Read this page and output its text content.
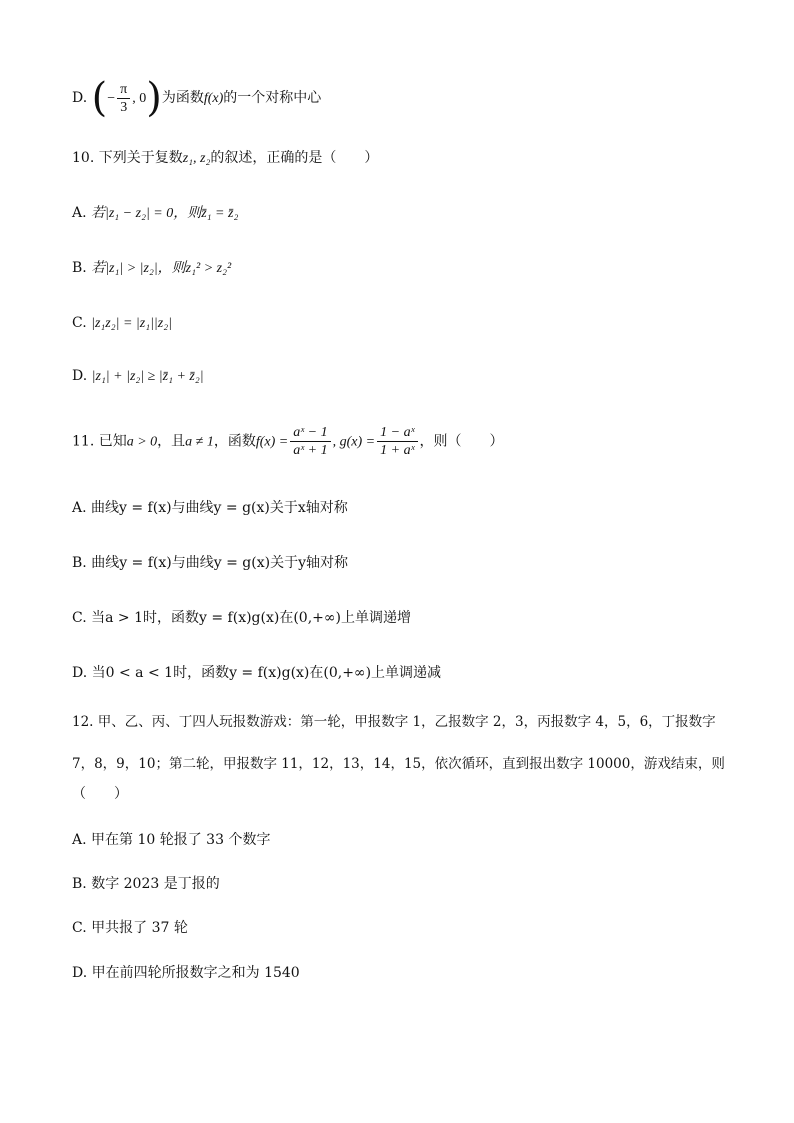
D. (− $\frac{\pi}{3}$ , 0)为函数f(x)的一个对称中心
10. 下列关于复数z₁, z₂的叙述，正确的是（　　）
A. 若|z₁ − z₂| = 0，则z̄₁ = z̄₂
B. 若|z₁| > |z₂|，则z₁² > z₂²
C. |z₁z₂| = |z₁||z₂|
D. |z₁| + |z₂| ≥ |z̄₁ + z̄₂|
11. 已知a > 0，且a ≠ 1，函数$f(x) = \frac{\text{aˣ − 1}}{\text{aˣ + 1}}$ , $g(x) = \frac{\text{1 − aˣ}}{\text{1 + aˣ}}$ ，则（　　）
A. 曲线y = f(x)与曲线y = g(x)关于x轴对称
B. 曲线y = f(x)与曲线y = g(x)关于y轴对称
C. 当a > 1时，函数y = f(x)g(x)在(0,+∞)上单调递增
D. 当0 < a < 1时，函数y = f(x)g(x)在(0,+∞)上单调递减
12. 甲、乙、丙、丁四人玩报数游戏：第一轮，甲报数字 1，乙报数字 2，3，丙报数字 4，5，6，丁报数字
7，8，9，10；第二轮，甲报数字 11，12，13，14，15，依次循环，直到报出数字 10000，游戏结束，则
（　　）
A. 甲在第 10 轮报了 33 个数字
B. 数字 2023 是丁报的
C. 甲共报了 37 轮
D. 甲在前四轮所报数字之和为 1540
